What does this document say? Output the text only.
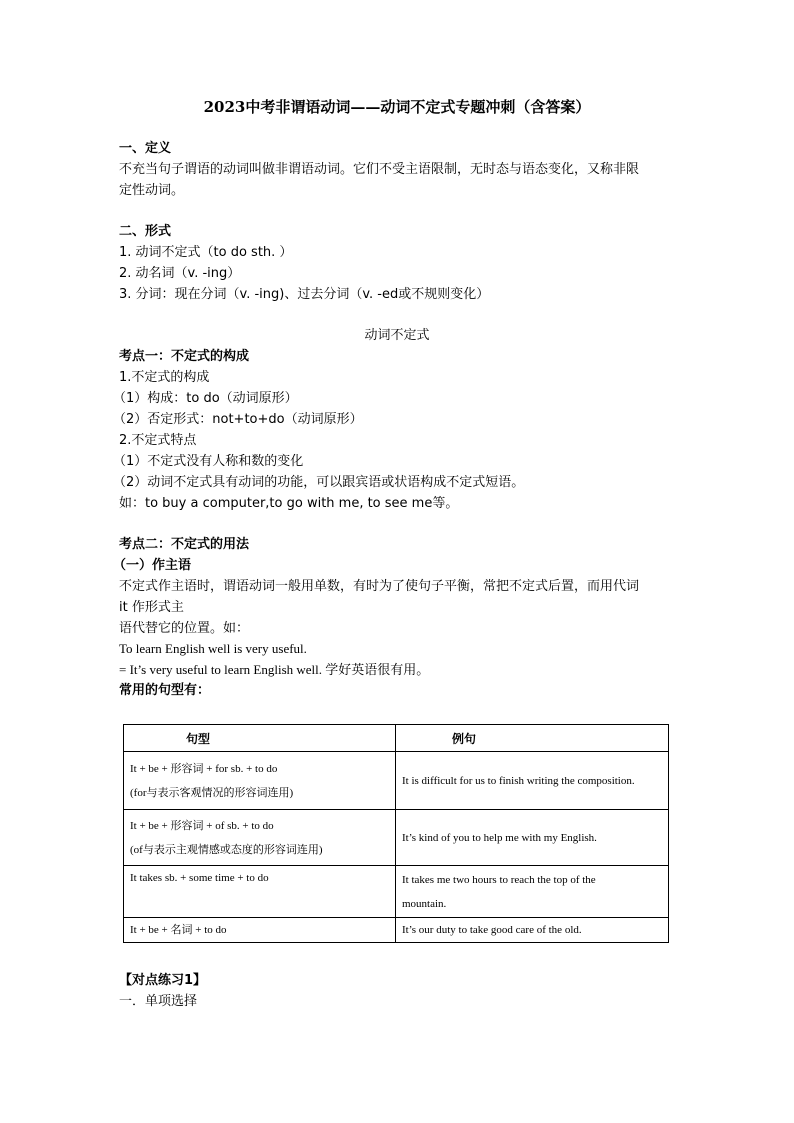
2023中考非谓语动词——动词不定式专题冲刺（含答案）
一、定义
不充当句子谓语的动词叫做非谓语动词。它们不受主语限制，无时态与语态变化，又称非限
定性动词。
二、形式
1. 动词不定式（to do sth. ）
2. 动名词（v. -ing）
3. 分词：现在分词（v. -ing)、过去分词（v. -ed或不规则变化）
动词不定式
考点一：不定式的构成
1.不定式的构成
（1）构成：to do（动词原形）
（2）否定形式：not+to+do（动词原形）
2.不定式特点
（1）不定式没有人称和数的变化
（2）动词不定式具有动词的功能，可以跟宾语或状语构成不定式短语。
如：to buy a computer,to go with me, to see me等。
考点二：不定式的用法
（一）作主语
不定式作主语时，谓语动词一般用单数，有时为了使句子平衡，常把不定式后置，而用代词
it 作形式主
语代替它的位置。如：
To learn English well is very useful.
= It’s very useful to learn English well. 学好英语很有用。
常用的句型有：
句型	例句

It + be + 形容词 + for sb. + to do
(for与表示客观情况的形容词连用)	It is difficult for us to finish writing the composition.

It + be + 形容词 + of sb. + to do
(of与表示主观情感或态度的形容词连用)	It’s kind of you to help me with my English.

It takes sb. + some time + to do	It takes me two hours to reach the top of the
mountain.

It + be + 名词 + to do	It’s our duty to take good care of the old.
【对点练习1】
一．单项选择
